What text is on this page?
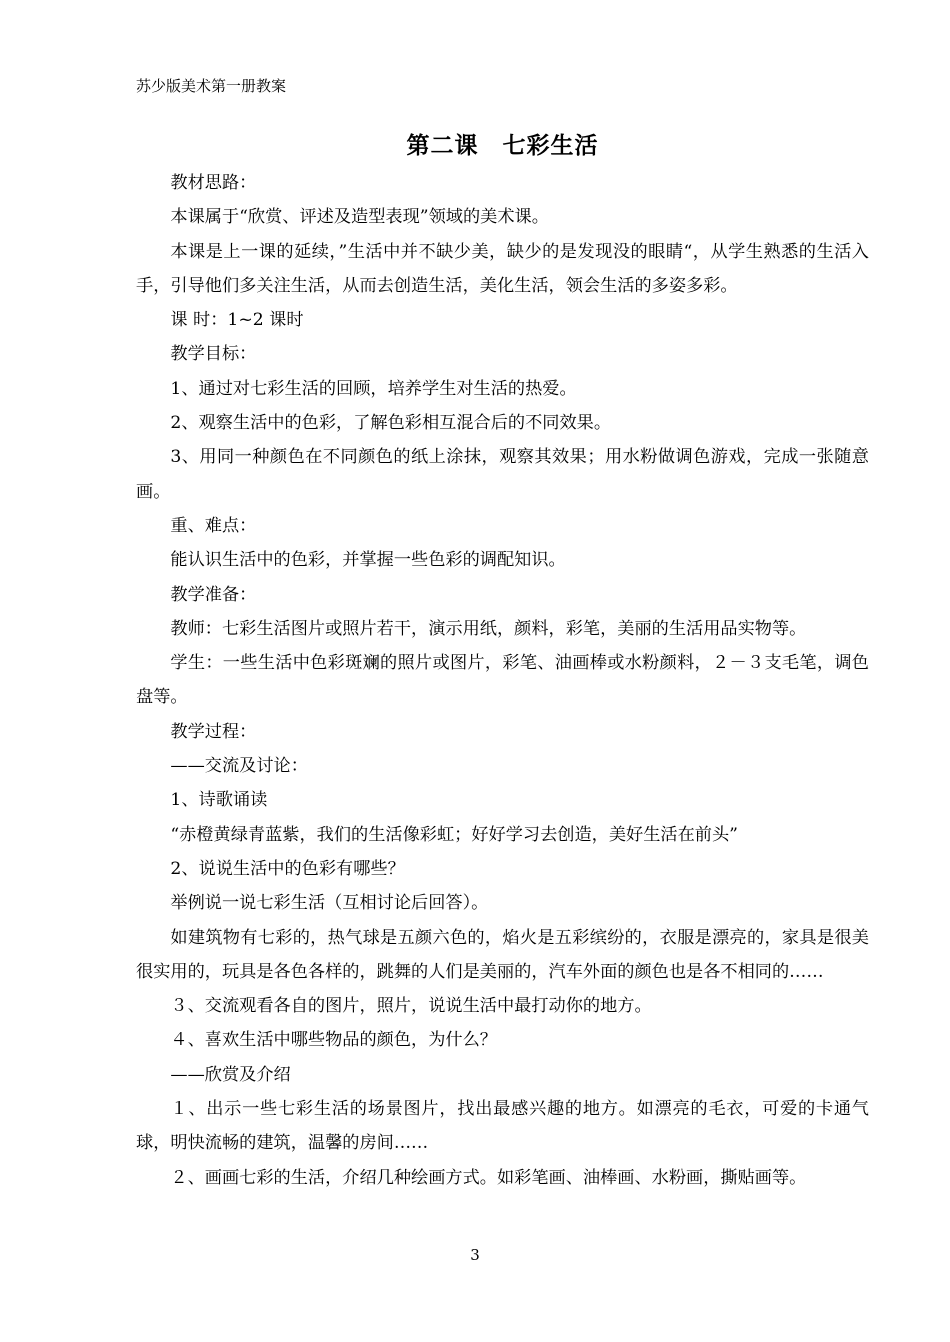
苏少版美术第一册教案
第二课　七彩生活

教材思路：

本课属于“欣赏、评述及造型表现”领域的美术课。

本课是上一课的延续，”生活中并不缺少美，缺少的是发现没的眼睛“，从学生熟悉的生活入手，引导他们多关注生活，从而去创造生活，美化生活，领会生活的多姿多彩。

课 时：1~2 课时

教学目标：

1、通过对七彩生活的回顾，培养学生对生活的热爱。

2、观察生活中的色彩，了解色彩相互混合后的不同效果。

3、用同一种颜色在不同颜色的纸上涂抹，观察其效果；用水粉做调色游戏，完成一张随意画。

重、难点：

能认识生活中的色彩，并掌握一些色彩的调配知识。

教学准备：

教师：七彩生活图片或照片若干，演示用纸，颜料，彩笔，美丽的生活用品实物等。

学生：一些生活中色彩斑斓的照片或图片，彩笔、油画棒或水粉颜料，２－３支毛笔，调色盘等。

教学过程：

——交流及讨论：

1、诗歌诵读

“赤橙黄绿青蓝紫，我们的生活像彩虹；好好学习去创造，美好生活在前头”

2、说说生活中的色彩有哪些？

举例说一说七彩生活（互相讨论后回答）。

如建筑物有七彩的，热气球是五颜六色的，焰火是五彩缤纷的，衣服是漂亮的，家具是很美很实用的，玩具是各色各样的，跳舞的人们是美丽的，汽车外面的颜色也是各不相同的……

３、交流观看各自的图片，照片，说说生活中最打动你的地方。

４、喜欢生活中哪些物品的颜色，为什么？

——欣赏及介绍

１、出示一些七彩生活的场景图片，找出最感兴趣的地方。如漂亮的毛衣，可爱的卡通气球，明快流畅的建筑，温馨的房间……

２、画画七彩的生活，介绍几种绘画方式。如彩笔画、油棒画、水粉画，撕贴画等。

3
